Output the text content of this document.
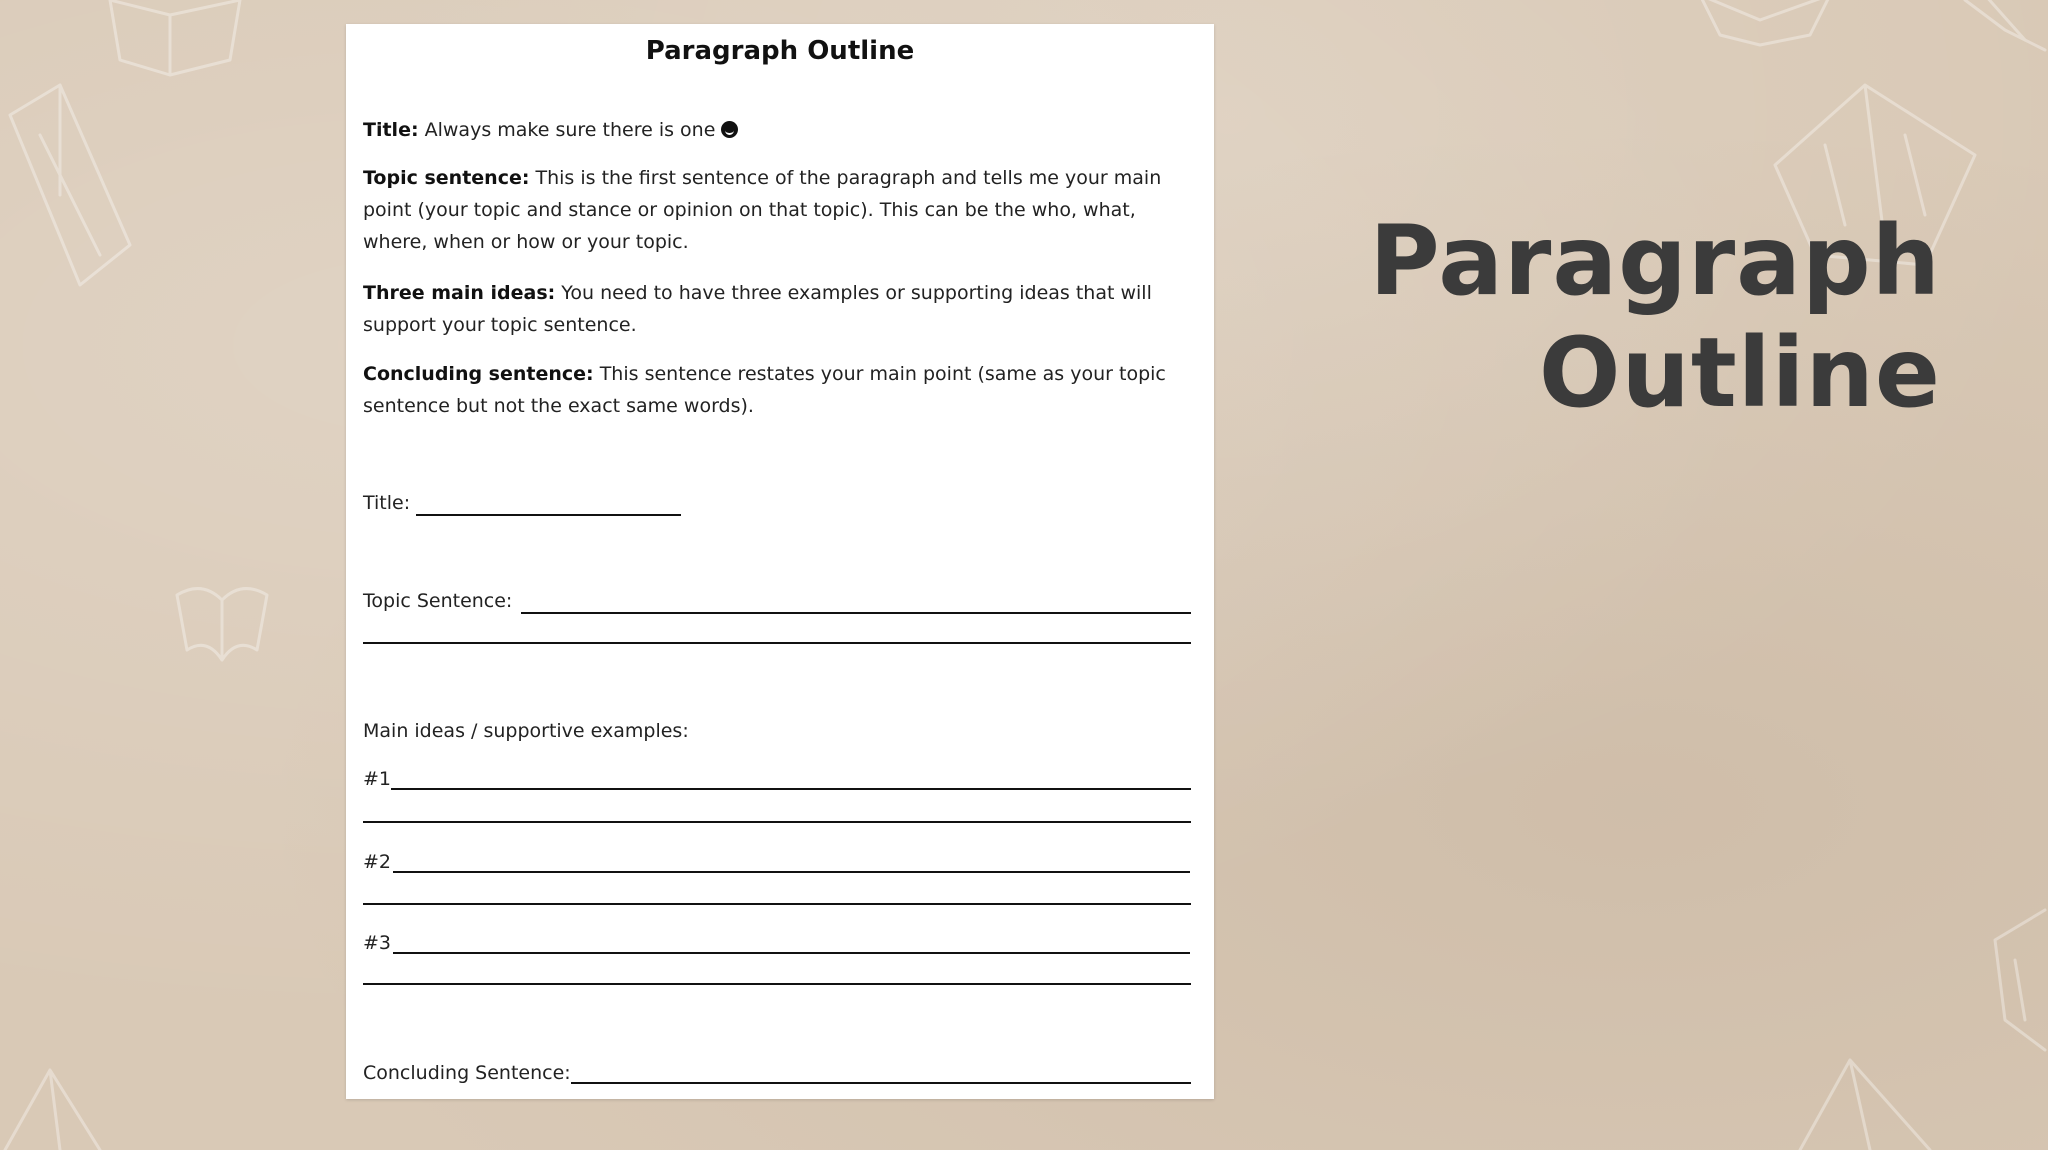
Paragraph Outline
Title: Always make sure there is one
Topic sentence: This is the first sentence of the paragraph and tells me your main point (your topic and stance or opinion on that topic). This can be the who, what, where, when or how or your topic.
Three main ideas: You need to have three examples or supporting ideas that will support your topic sentence.
Concluding sentence: This sentence restates your main point (same as your topic sentence but not the exact same words).
Title:
Topic Sentence:
Main ideas / supportive examples:
#1
#2
#3
Concluding Sentence:
Paragraph
Outline
